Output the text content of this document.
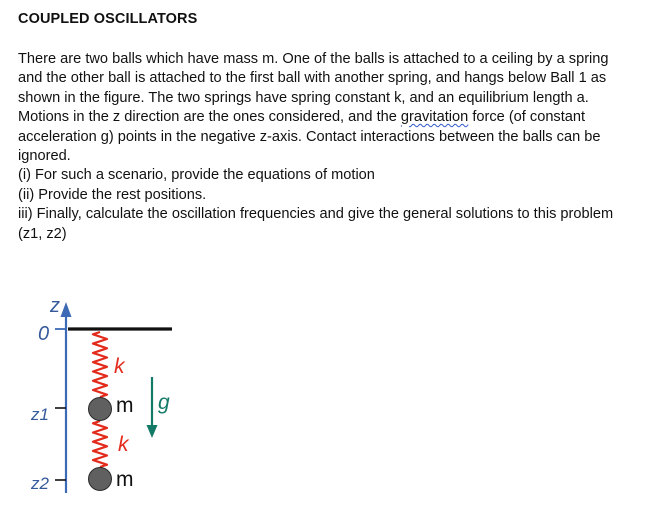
COUPLED OSCILLATORS
There are two balls which have mass m. One of the balls is attached to a ceiling by a spring
and the other ball is attached to the first ball with another spring, and hangs below Ball 1 as
shown in the figure. The two springs have spring constant k, and an equilibrium length a.
Motions in the z direction are the ones considered, and the gravitation force (of constant
acceleration g) points in the negative z-axis. Contact interactions between the balls can be
ignored.
(i) For such a scenario, provide the equations of motion
(ii) Provide the rest positions.
iii) Finally, calculate the oscillation frequencies and give the general solutions to this problem
(z1, z2)
z
0
z1
z2
k
k
m
m
g
